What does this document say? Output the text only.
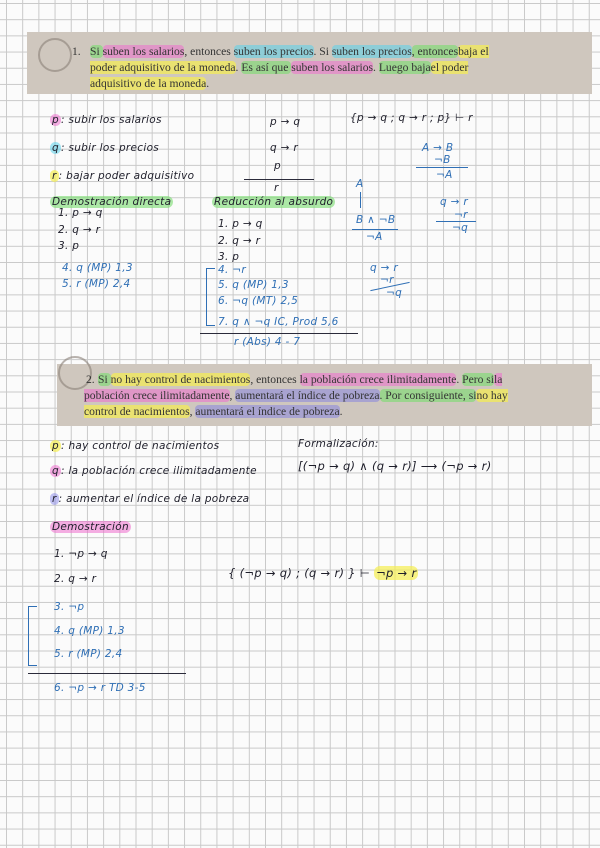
1. Si suben los salarios, entonces suben los precios. Si suben los precios, entoncesbaja el poder adquisitivo de la moneda. Es así que suben los salarios. Luego bajael poder adquisitivo de la moneda.
p : subir los salarios
q : subir los precios
r : bajar poder adquisitivo
p → q
q → r
p
r
{p → q ; q → r ; p} ⊢ r
Demostración directa
1. p → q
2. q → r
3. p
4. q (MP) 1,3
5. r (MP) 2,4
Reducción al absurdo
1. p → q
2. q → r
3. p
4. ¬r
5. q (MP) 1,3
6. ¬q (MT) 2,5
7. q ∧ ¬q IC, Prod 5,6
r (Abs) 4 - 7
A → B
¬B
¬A
A
B ∧ ¬B
¬A
q → r
¬r
¬q
q → r
¬r
¬q
2. Si no hay control de nacimientos, entonces la población crece ilimitadamente. Pero sila población crece ilimitadamente, aumentará el índice de pobreza. Por consiguiente, sino hay control de nacimientos, aumentará el índice de pobreza.
p : hay control de nacimientos
q : la población crece ilimitadamente
r : aumentar el índice de la pobreza
Formalización:
[(¬p → q) ∧ (q → r)] ⟶ (¬p → r)
Demostración
1. ¬p → q
2. q → r
3. ¬p
4. q (MP) 1,3
5. r (MP) 2,4
6. ¬p → r TD 3-5
{ (¬p → q) ; (q → r) } ⊢ ¬p → r
